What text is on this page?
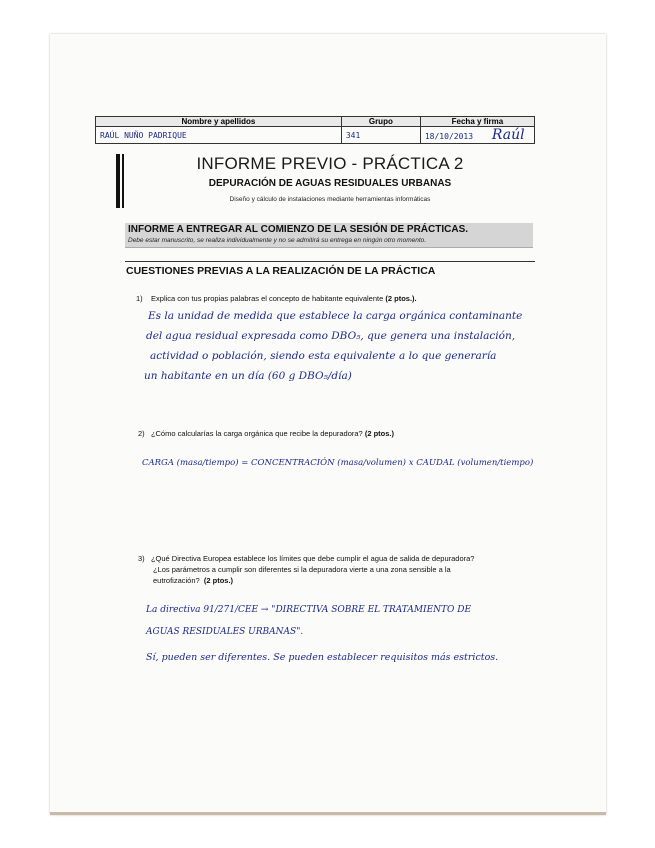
Nombre y apellidos	Grupo	Fecha y firma
RAÚL NUÑO PADRIQUE	341	18/10/2013 Raúl
INFORME PREVIO - PRÁCTICA 2
DEPURACIÓN DE AGUAS RESIDUALES URBANAS
Diseño y cálculo de instalaciones mediante herramientas informáticas
INFORME A ENTREGAR AL COMIENZO DE LA SESIÓN DE PRÁCTICAS.
Debe estar manuscrito, se realiza individualmente y no se admitirá su entrega en ningún otro momento.
CUESTIONES PREVIAS A LA REALIZACIÓN DE LA PRÁCTICA
1) Explica con tus propias palabras el concepto de habitante equivalente (2 ptos.).
Es la unidad de medida que establece la carga orgánica contaminante
del agua residual expresada como DBO₅, que genera una instalación,
actividad o población, siendo esta equivalente a lo que generaría
un habitante en un día (60 g DBO₅/día)
2) ¿Cómo calcularías la carga orgánica que recibe la depuradora? (2 ptos.)
CARGA (masa/tiempo) = CONCENTRACIÓN (masa/volumen) x CAUDAL (volumen/tiempo)
3) ¿Qué Directiva Europea establece los límites que debe cumplir el agua de salida de depuradora?
¿Los parámetros a cumplir son diferentes si la depuradora vierte a una zona sensible a la
eutrofización? (2 ptos.)
La directiva 91/271/CEE → "DIRECTIVA SOBRE EL TRATAMIENTO DE
AGUAS RESIDUALES URBANAS".
Sí, pueden ser diferentes. Se pueden establecer requisitos más estrictos.
